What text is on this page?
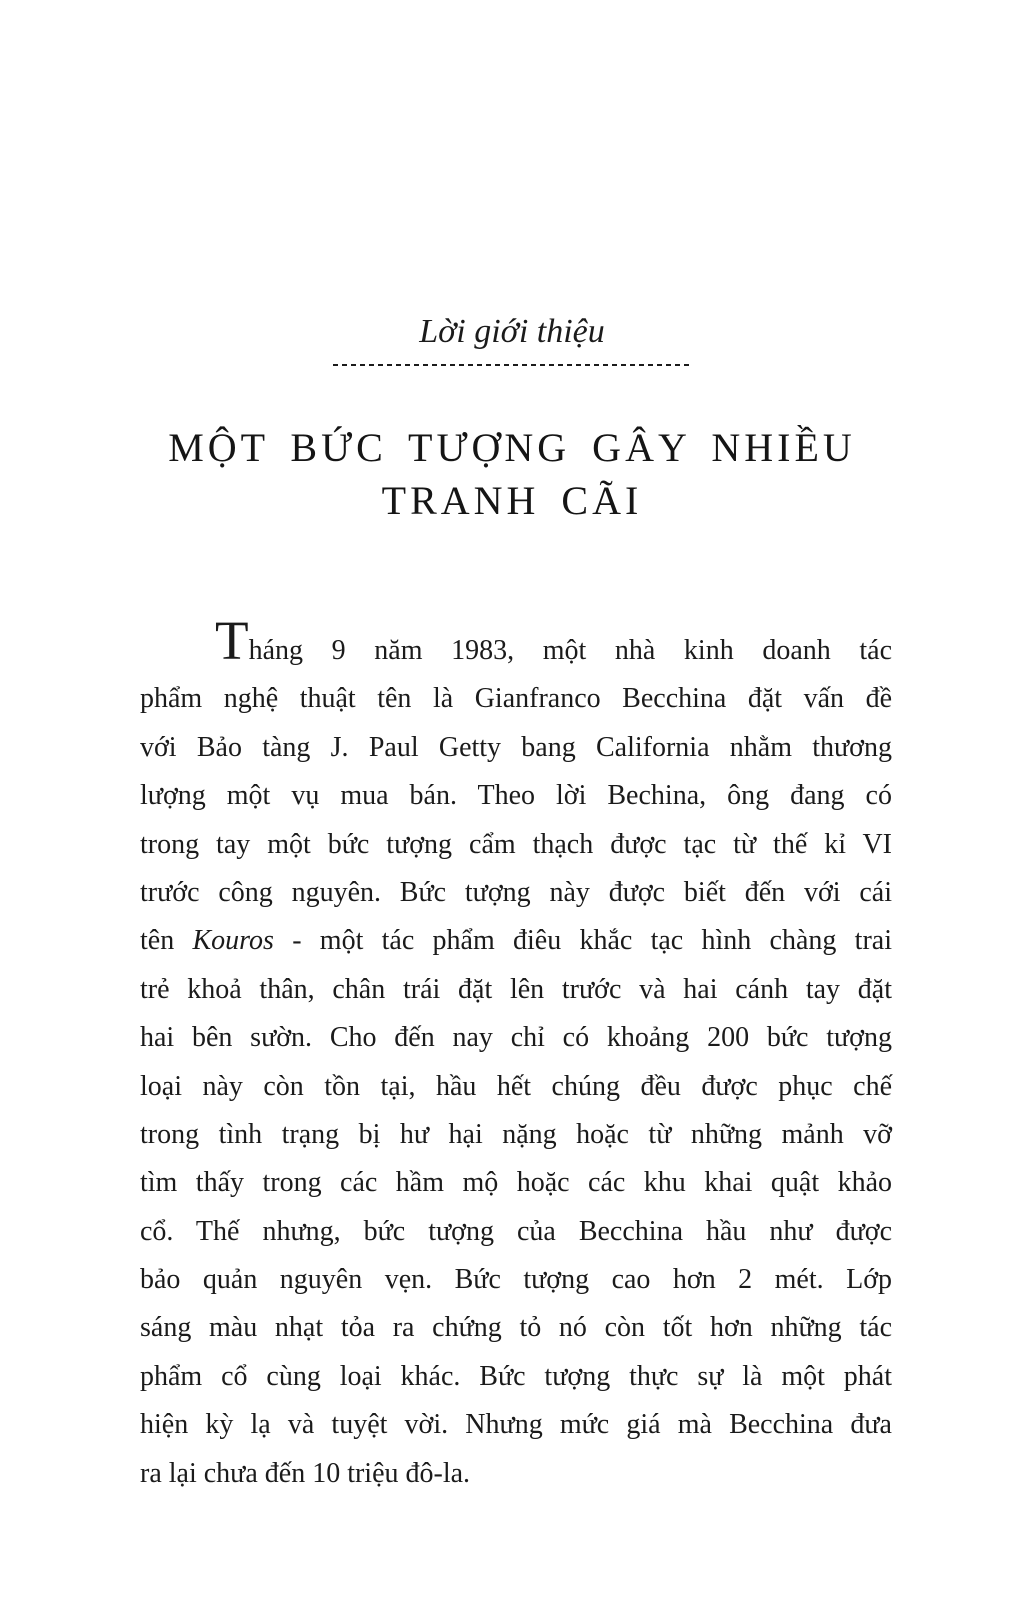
Lời giới thiệu
MỘT BỨC TƯỢNG GÂY NHIỀU
TRANH CÃI
Tháng 9 năm 1983, một nhà kinh doanh tác
phẩm nghệ thuật tên là Gianfranco Becchina đặt vấn đề
với Bảo tàng J. Paul Getty bang California nhằm thương
lượng một vụ mua bán. Theo lời Bechina, ông đang có
trong tay một bức tượng cẩm thạch được tạc từ thế kỉ VI
trước công nguyên. Bức tượng này được biết đến với cái
tên Kouros - một tác phẩm điêu khắc tạc hình chàng trai
trẻ khoả thân, chân trái đặt lên trước và hai cánh tay đặt
hai bên sườn. Cho đến nay chỉ có khoảng 200 bức tượng
loại này còn tồn tại, hầu hết chúng đều được phục chế
trong tình trạng bị hư hại nặng hoặc từ những mảnh vỡ
tìm thấy trong các hầm mộ hoặc các khu khai quật khảo
cổ. Thế nhưng, bức tượng của Becchina hầu như được
bảo quản nguyên vẹn. Bức tượng cao hơn 2 mét. Lớp
sáng màu nhạt tỏa ra chứng tỏ nó còn tốt hơn những tác
phẩm cổ cùng loại khác. Bức tượng thực sự là một phát
hiện kỳ lạ và tuyệt vời. Nhưng mức giá mà Becchina đưa
ra lại chưa đến 10 triệu đô-la.
